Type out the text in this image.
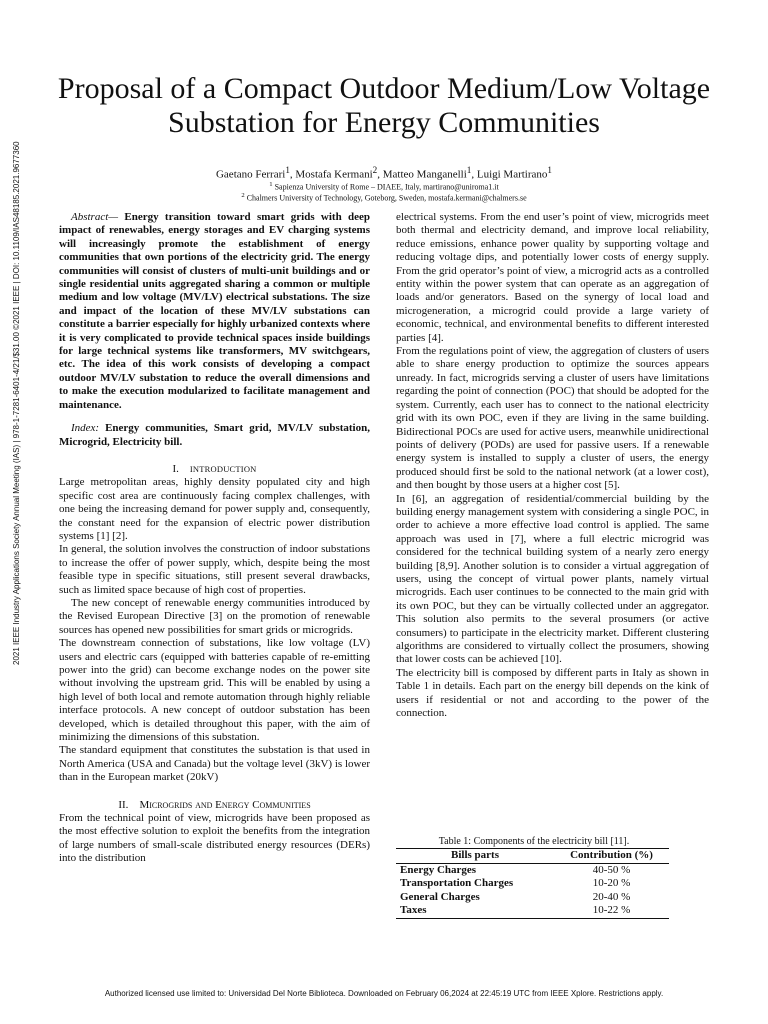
Proposal of a Compact Outdoor Medium/Low Voltage Substation for Energy Communities
Gaetano Ferrari$^1$, Mostafa Kermani$^2$, Matteo Manganelli$^1$, Luigi Martirano$^1$
$^1$ Sapienza University of Rome – DIAEE, Italy, martirano@uniroma1.it
$^2$ Chalmers University of Technology, Goteborg, Sweden, mostafa.kermani@chalmers.se
2021 IEEE Industry Applications Society Annual Meeting (IAS) | 978-1-7281-6401-4/21/$31.00 ©2021 IEEE | DOI: 10.1109/IAS48185.2021.9677360	Abstract— Energy transition toward smart grids with deep impact of renewables, energy storages and EV charging systems will increasingly promote the establishment of energy communities that own portions of the electricity grid. The energy communities will consist of clusters of multi-unit buildings and or single residential units aggregated sharing a common or multiple medium and low voltage (MV/LV) electrical substations. The size and impact of the location of these MV/LV substations can constitute a barrier especially for highly urbanized contexts where it is very complicated to provide technical spaces inside buildings for large technical systems like transformers, MV switchgears, etc. The idea of this work consists of developing a compact outdoor MV/LV substation to reduce the overall dimensions and to make the execution modularized to facilitate management and maintenance.

Index: Energy communities, Smart grid, MV/LV substation, Microgrid, Electricity bill.

I. INTRODUCTION

Large metropolitan areas, highly density populated city and high specific cost area are continuously facing complex challenges, with one being the increasing demand for power supply and, consequently, the constant need for the expansion of electric power distribution systems [1] [2].

In general, the solution involves the construction of indoor substations to increase the offer of power supply, which, despite being the most feasible type in specific situations, still present several drawbacks, such as limited space because of high cost of properties.

The new concept of renewable energy communities introduced by the Revised European Directive [3] on the promotion of renewable sources has opened new possibilities for smart grids or microgrids.

The downstream connection of substations, like low voltage (LV) users and electric cars (equipped with batteries capable of re-emitting power into the grid) can become exchange nodes on the power site without involving the upstream grid. This will be enabled by using a high level of both local and remote automation through highly reliable interface protocols. A new concept of outdoor substation has been developed, which is detailed throughout this paper, with the aim of minimizing the dimensions of this substation.

The standard equipment that constitutes the substation is that used in North America (USA and Canada) but the voltage level (3kV) is lower than in the European market (20kV)

II. Microgrids and Energy Communities

From the technical point of view, microgrids have been proposed as the most effective solution to exploit the benefits from the integration of large numbers of small-scale distributed energy resources (DERs) into the distribution

electrical systems. From the end user’s point of view, microgrids meet both thermal and electricity demand, and improve local reliability, reduce emissions, enhance power quality by supporting voltage and reducing voltage dips, and potentially lower costs of energy supply. From the grid operator’s point of view, a microgrid acts as a controlled entity within the power system that can operate as an aggregation of loads and/or generators. Based on the synergy of local load and microgeneration, a microgrid could provide a large variety of economic, technical, and environmental benefits to different interested parties [4].

From the regulations point of view, the aggregation of clusters of users able to share energy production to optimize the sources appears unready. In fact, microgrids serving a cluster of users have limitations regarding the point of connection (POC) that should be adopted for the system. Currently, each user has to connect to the national electricity grid with its own POC, even if they are living in the same building. Bidirectional POCs are used for active users, meanwhile unidirectional points of delivery (PODs) are used for passive users. If a renewable energy system is installed to supply a cluster of users, the energy produced should first be sold to the national network (at a lower cost), and then bought by those users at a higher cost [5].

In [6], an aggregation of residential/commercial building by the building energy management system with considering a single POC, in order to achieve a more effective load control is applied. The same approach was used in [7], where a full electric microgrid was considered for the technical building system of a nearly zero energy building [8,9]. Another solution is to consider a virtual aggregation of users, using the concept of virtual power plants, namely virtual microgrids. Each user continues to be connected to the main grid with its own POC, but they can be virtually collected under an aggregator. This solution also permits to the several prosumers (or active consumers) to participate in the electricity market. Different clustering algorithms are considered to virtually collect the prosumers, showing that lower costs can be achieved [10].

The electricity bill is composed by different parts in Italy as shown in Table 1 in details. Each part on the energy bill depends on the kink of users if residential or not and according to the power of the connection.

Table 1: Components of the electricity bill [11].
Bills parts	Contribution (%)
Energy Charges	40-50 %
Transportation Charges	10-20 %
General Charges	20-40 %
Taxes	10-22 %
Authorized licensed use limited to: Universidad Del Norte Biblioteca. Downloaded on February 06,2024 at 22:45:19 UTC from IEEE Xplore. Restrictions apply.
